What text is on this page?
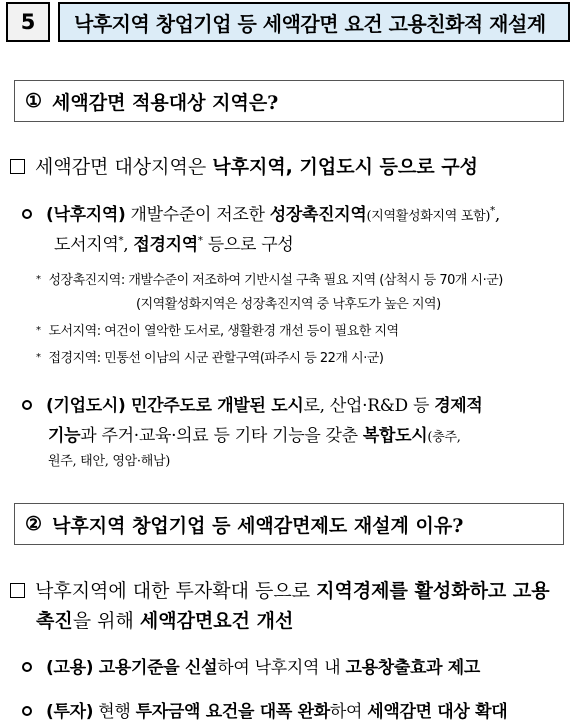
5	낙후지역 창업기업 등 세액감면 요건 고용친화적 재설계
① 세액감면 적용대상 지역은?
세액감면 대상지역은 낙후지역, 기업도시 등으로 구성
(낙후지역) 개발수준이 저조한 성장촉진지역(지역활성화지역 포함)*,
도서지역*, 접경지역* 등으로 구성
* 성장촉진지역: 개발수준이 저조하여 기반시설 구축 필요 지역 (삼척시 등 70개 시·군)
(지역활성화지역은 성장촉진지역 중 낙후도가 높은 지역)
* 도서지역: 여건이 열악한 도서로, 생활환경 개선 등이 필요한 지역
* 접경지역: 민통선 이남의 시군 관할구역(파주시 등 22개 시·군)
(기업도시) 민간주도로 개발된 도시로, 산업·R&D 등 경제적
기능과 주거·교육·의료 등 기타 기능을 갖춘 복합도시(충주,
원주, 태안, 영암·해남)
② 낙후지역 창업기업 등 세액감면제도 재설계 이유?
낙후지역에 대한 투자확대 등으로 지역경제를 활성화하고 고용
촉진을 위해 세액감면요건 개선
(고용) 고용기준을 신설하여 낙후지역 내 고용창출효과 제고
(투자) 현행 투자금액 요건을 대폭 완화하여 세액감면 대상 확대
